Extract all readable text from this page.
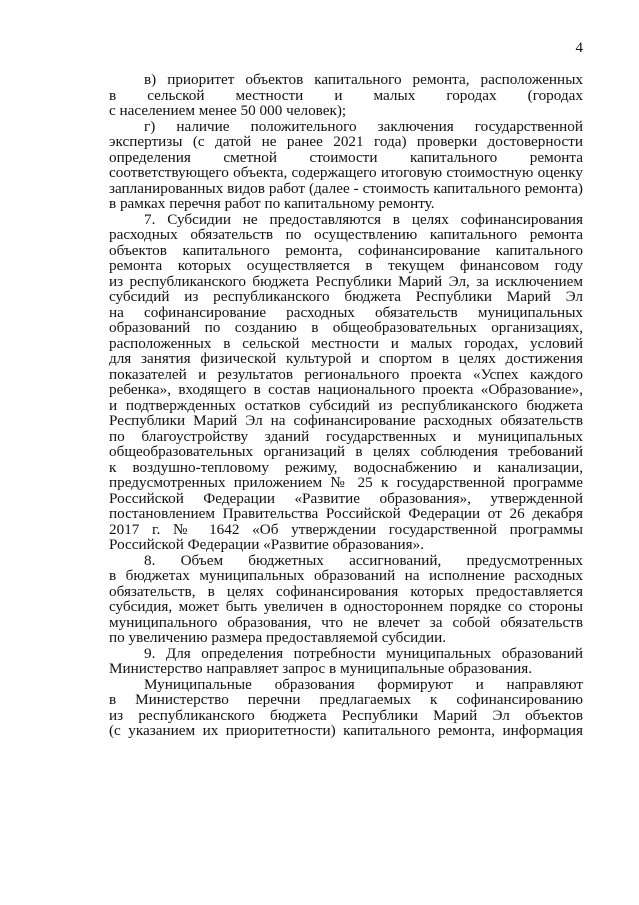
4
в) приоритет объектов капитального ремонта, расположенных
в сельской местности и малых городах (городах
с населением менее 50 000 человек);
г) наличие положительного заключения государственной
экспертизы (с датой не ранее 2021 года) проверки достоверности
определения сметной стоимости капитального ремонта
соответствующего объекта, содержащего итоговую стоимостную оценку
запланированных видов работ (далее - стоимость капитального ремонта)
в рамках перечня работ по капитальному ремонту.
7. Субсидии не предоставляются в целях софинансирования
расходных обязательств по осуществлению капитального ремонта
объектов капитального ремонта, софинансирование капитального
ремонта которых осуществляется в текущем финансовом году
из республиканского бюджета Республики Марий Эл, за исключением
субсидий из республиканского бюджета Республики Марий Эл
на софинансирование расходных обязательств муниципальных
образований по созданию в общеобразовательных организациях,
расположенных в сельской местности и малых городах, условий
для занятия физической культурой и спортом в целях достижения
показателей и результатов регионального проекта «Успех каждого
ребенка», входящего в состав национального проекта «Образование»,
и подтвержденных остатков субсидий из республиканского бюджета
Республики Марий Эл на софинансирование расходных обязательств
по благоустройству зданий государственных и муниципальных
общеобразовательных организаций в целях соблюдения требований
к воздушно-тепловому режиму, водоснабжению и канализации,
предусмотренных приложением № 25 к государственной программе
Российской Федерации «Развитие образования», утвержденной
постановлением Правительства Российской Федерации от 26 декабря
2017 г. № 1642 «Об утверждении государственной программы
Российской Федерации «Развитие образования».
8. Объем бюджетных ассигнований, предусмотренных
в бюджетах муниципальных образований на исполнение расходных
обязательств, в целях софинансирования которых предоставляется
субсидия, может быть увеличен в одностороннем порядке со стороны
муниципального образования, что не влечет за собой обязательств
по увеличению размера предоставляемой субсидии.
9. Для определения потребности муниципальных образований
Министерство направляет запрос в муниципальные образования.
Муниципальные образования формируют и направляют
в Министерство перечни предлагаемых к софинансированию
из республиканского бюджета Республики Марий Эл объектов
(с указанием их приоритетности) капитального ремонта, информация
